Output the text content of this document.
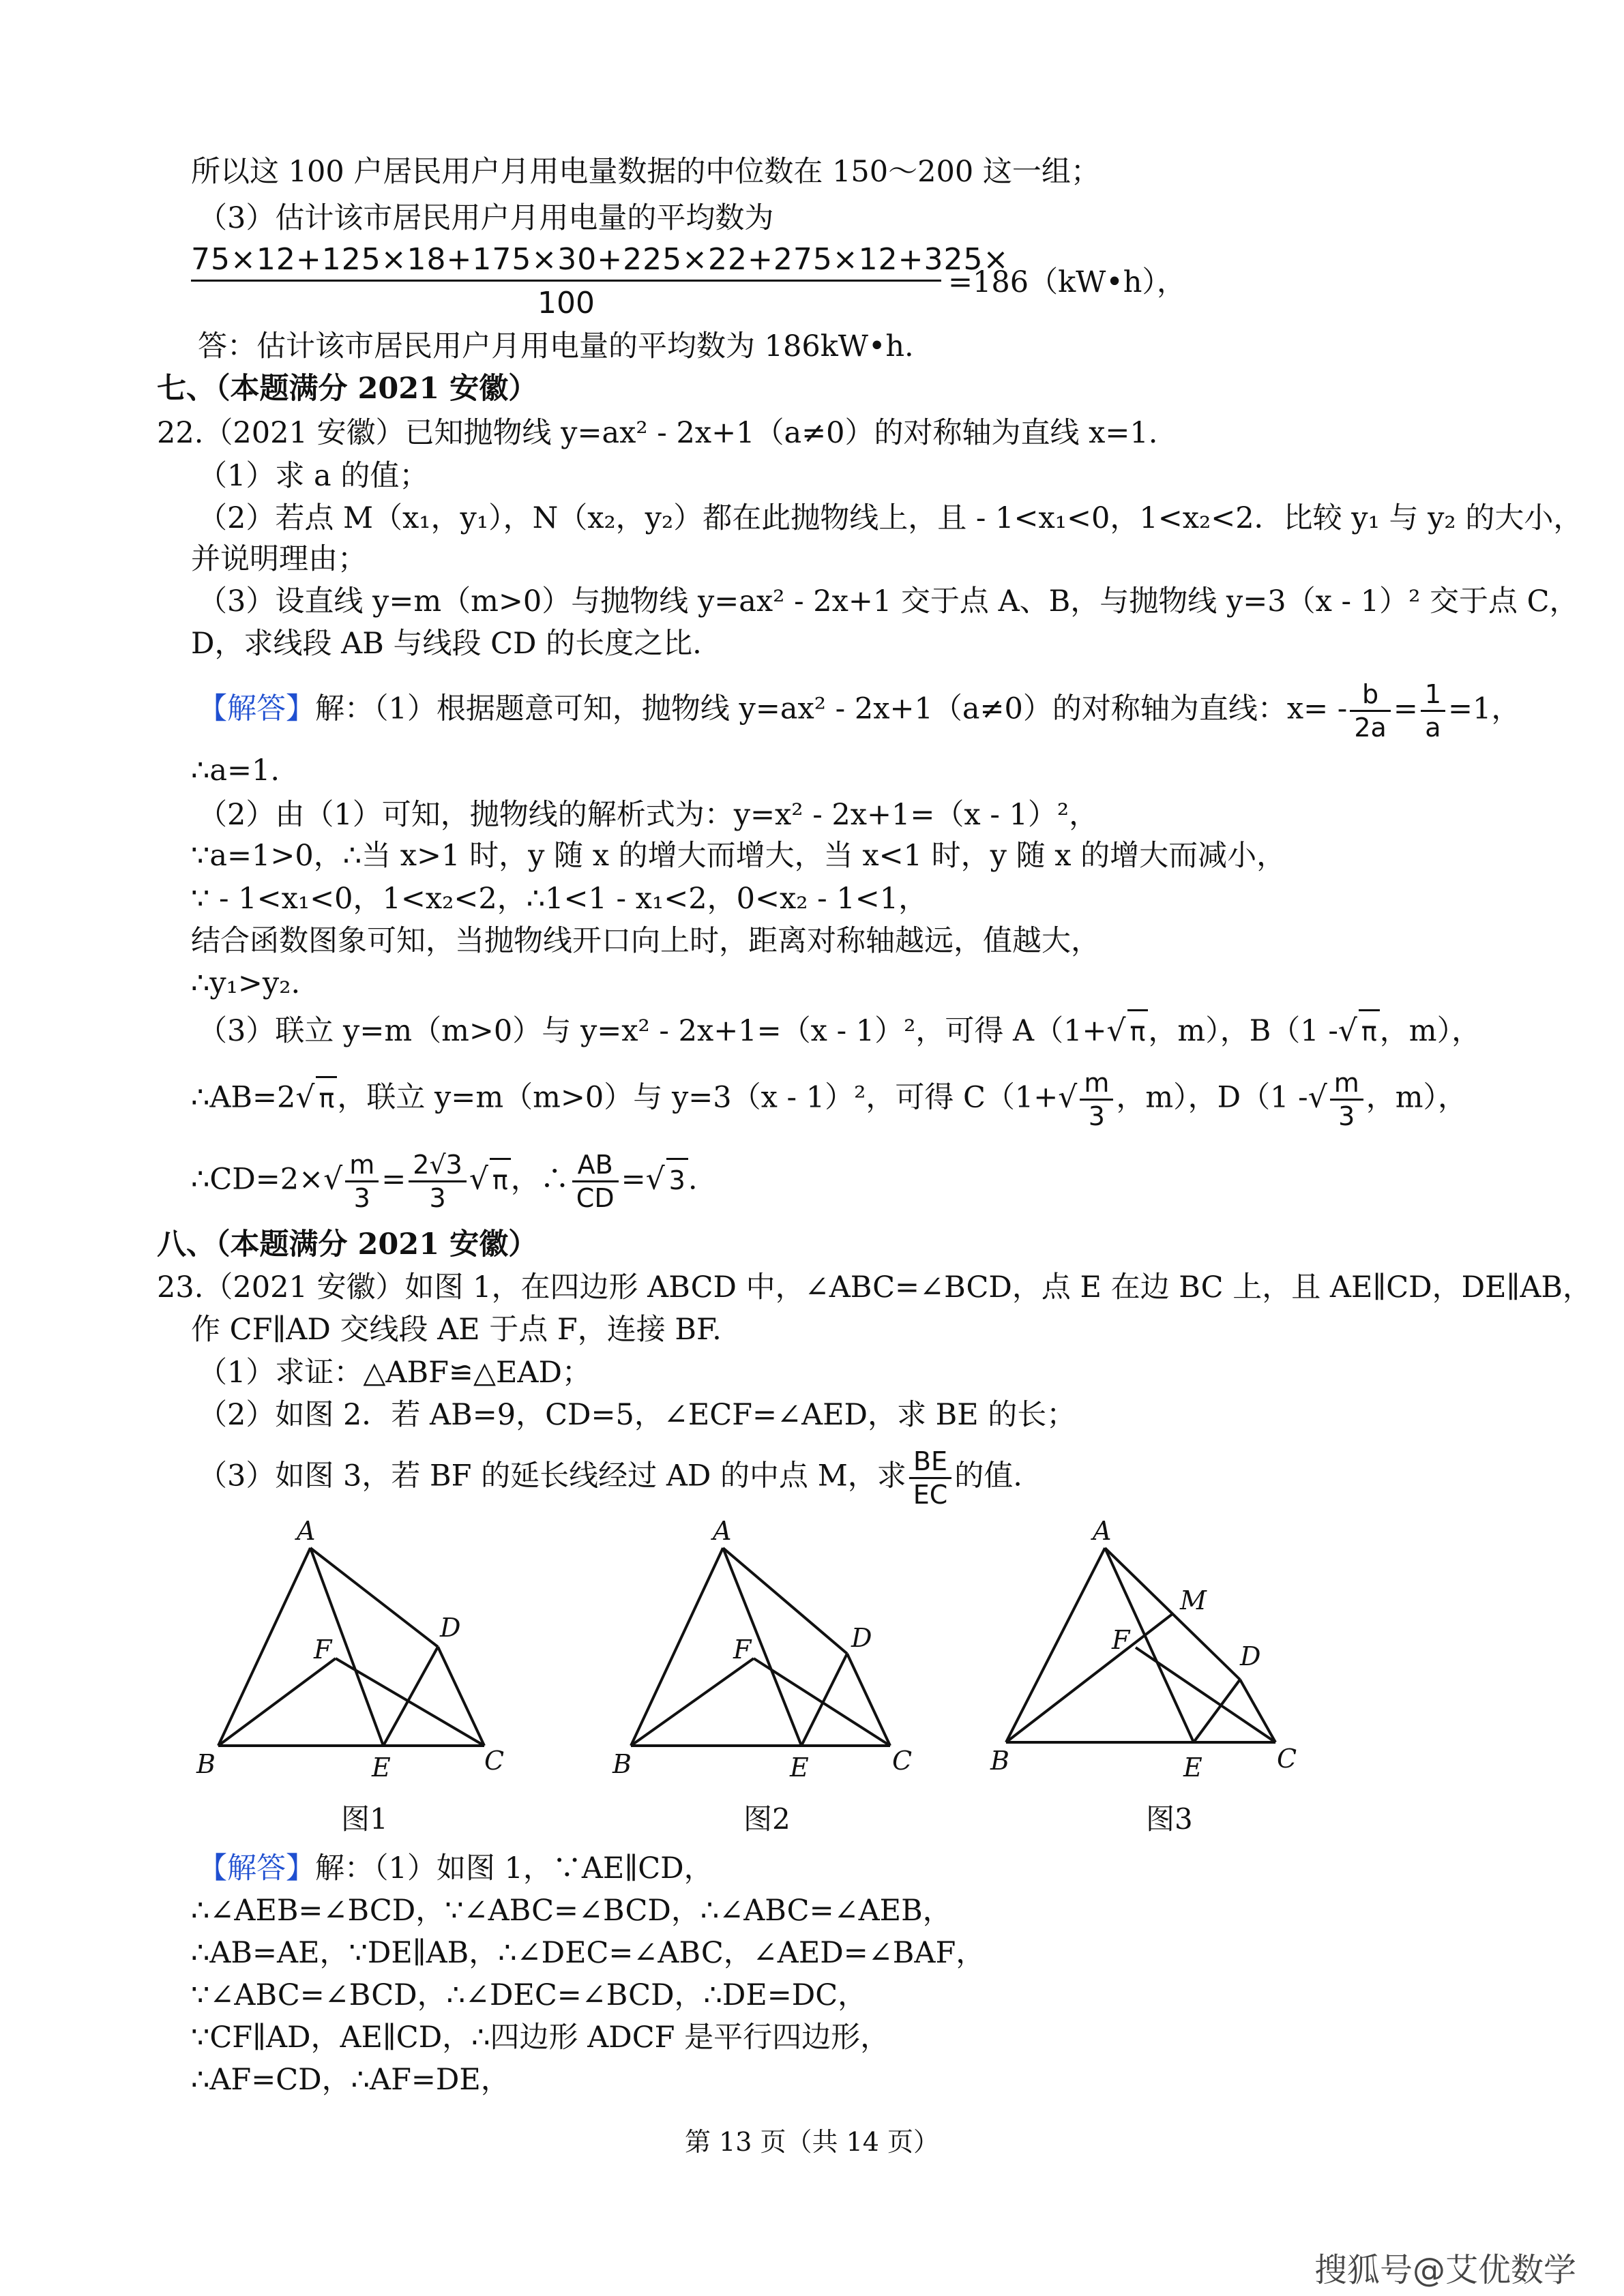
所以这 100 户居民用户月用电量数据的中位数在 150～200 这一组；
（3）估计该市居民用户月用电量的平均数为
$\frac{75\times 12+125\times 18+175\times 30+225\times 22+275\times 12+325\times}{100}$ =186（kW•h），
答：估计该市居民用户月用电量的平均数为 186kW•h.
七、（本题满分 2021 安徽）
22.（2021 安徽）已知抛物线 y=ax² - 2x+1（a≠0）的对称轴为直线 x=1.
（1）求 a 的值；
（2）若点 M（x₁，y₁），N（x₂，y₂）都在此抛物线上，且 - 1<x₁<0，1<x₂<2．比较 y₁ 与 y₂ 的大小，
并说明理由；
（3）设直线 y=m（m>0）与抛物线 y=ax² - 2x+1 交于点 A、B，与抛物线 y=3（x - 1）² 交于点 C，
D，求线段 AB 与线段 CD 的长度之比.
【解答】解：（1）根据题意可知，抛物线 y=ax² - 2x+1（a≠0）的对称轴为直线：$x= - \frac{b}{2a} = \frac{1}{a} =1$，
∴a=1.
（2）由（1）可知，抛物线的解析式为：y=x² - 2x+1=（x - 1）²，
∵a=1>0，∴当 x>1 时，y 随 x 的增大而增大，当 x<1 时，y 随 x 的增大而减小，
∵ - 1<x₁<0，1<x₂<2，∴1<1 - x₁<2，0<x₂ - 1<1，
结合函数图象可知，当抛物线开口向上时，距离对称轴越远，值越大，
∴y₁>y₂.
（3）联立 y=m（m>0）与 y=x² - 2x+1=（x - 1）²，可得 A（1+√ π，m），B（1 -√ π，m），
∴AB=2√ π，联立 y=m（m>0）与 y=3（x - 1）²，可得 $C(1+√ \frac{m}{3}$ ，m），D（1 -√ $\frac{m}{3}$ ，m），
∴CD=2×√ $\frac{m}{3} = \frac{2√3}{3}$ √ π，∴ $\frac{AB}{CD}$ =√ 3.
八、（本题满分 2021 安徽）
23.（2021 安徽）如图 1，在四边形 ABCD 中，∠ABC=∠BCD，点 E 在边 BC 上，且 AE∥CD，DE∥AB，
作 CF∥AD 交线段 AE 于点 F，连接 BF.
（1）求证：△ABF≌△EAD；
（2）如图 2．若 AB=9，CD=5，∠ECF=∠AED，求 BE 的长；
（3）如图 3，若 BF 的延长线经过 AD 的中点 M，求 $\frac{BE}{EC}$ 的值.
A
B	C
D
E
F
图1
A
B	C
D
E
F
图2
A
B	C
D
E
F
M
图3
【解答】解：（1）如图 1，∵AE∥CD，
∴∠AEB=∠BCD，∵∠ABC=∠BCD，∴∠ABC=∠AEB，
∴AB=AE，∵DE∥AB，∴∠DEC=∠ABC，∠AED=∠BAF，
∵∠ABC=∠BCD，∴∠DEC=∠BCD，∴DE=DC，
∵CF∥AD，AE∥CD，∴四边形 ADCF 是平行四边形，
∴AF=CD，∴AF=DE，
第 13 页（共 14 页）
搜狐号@艾优数学
